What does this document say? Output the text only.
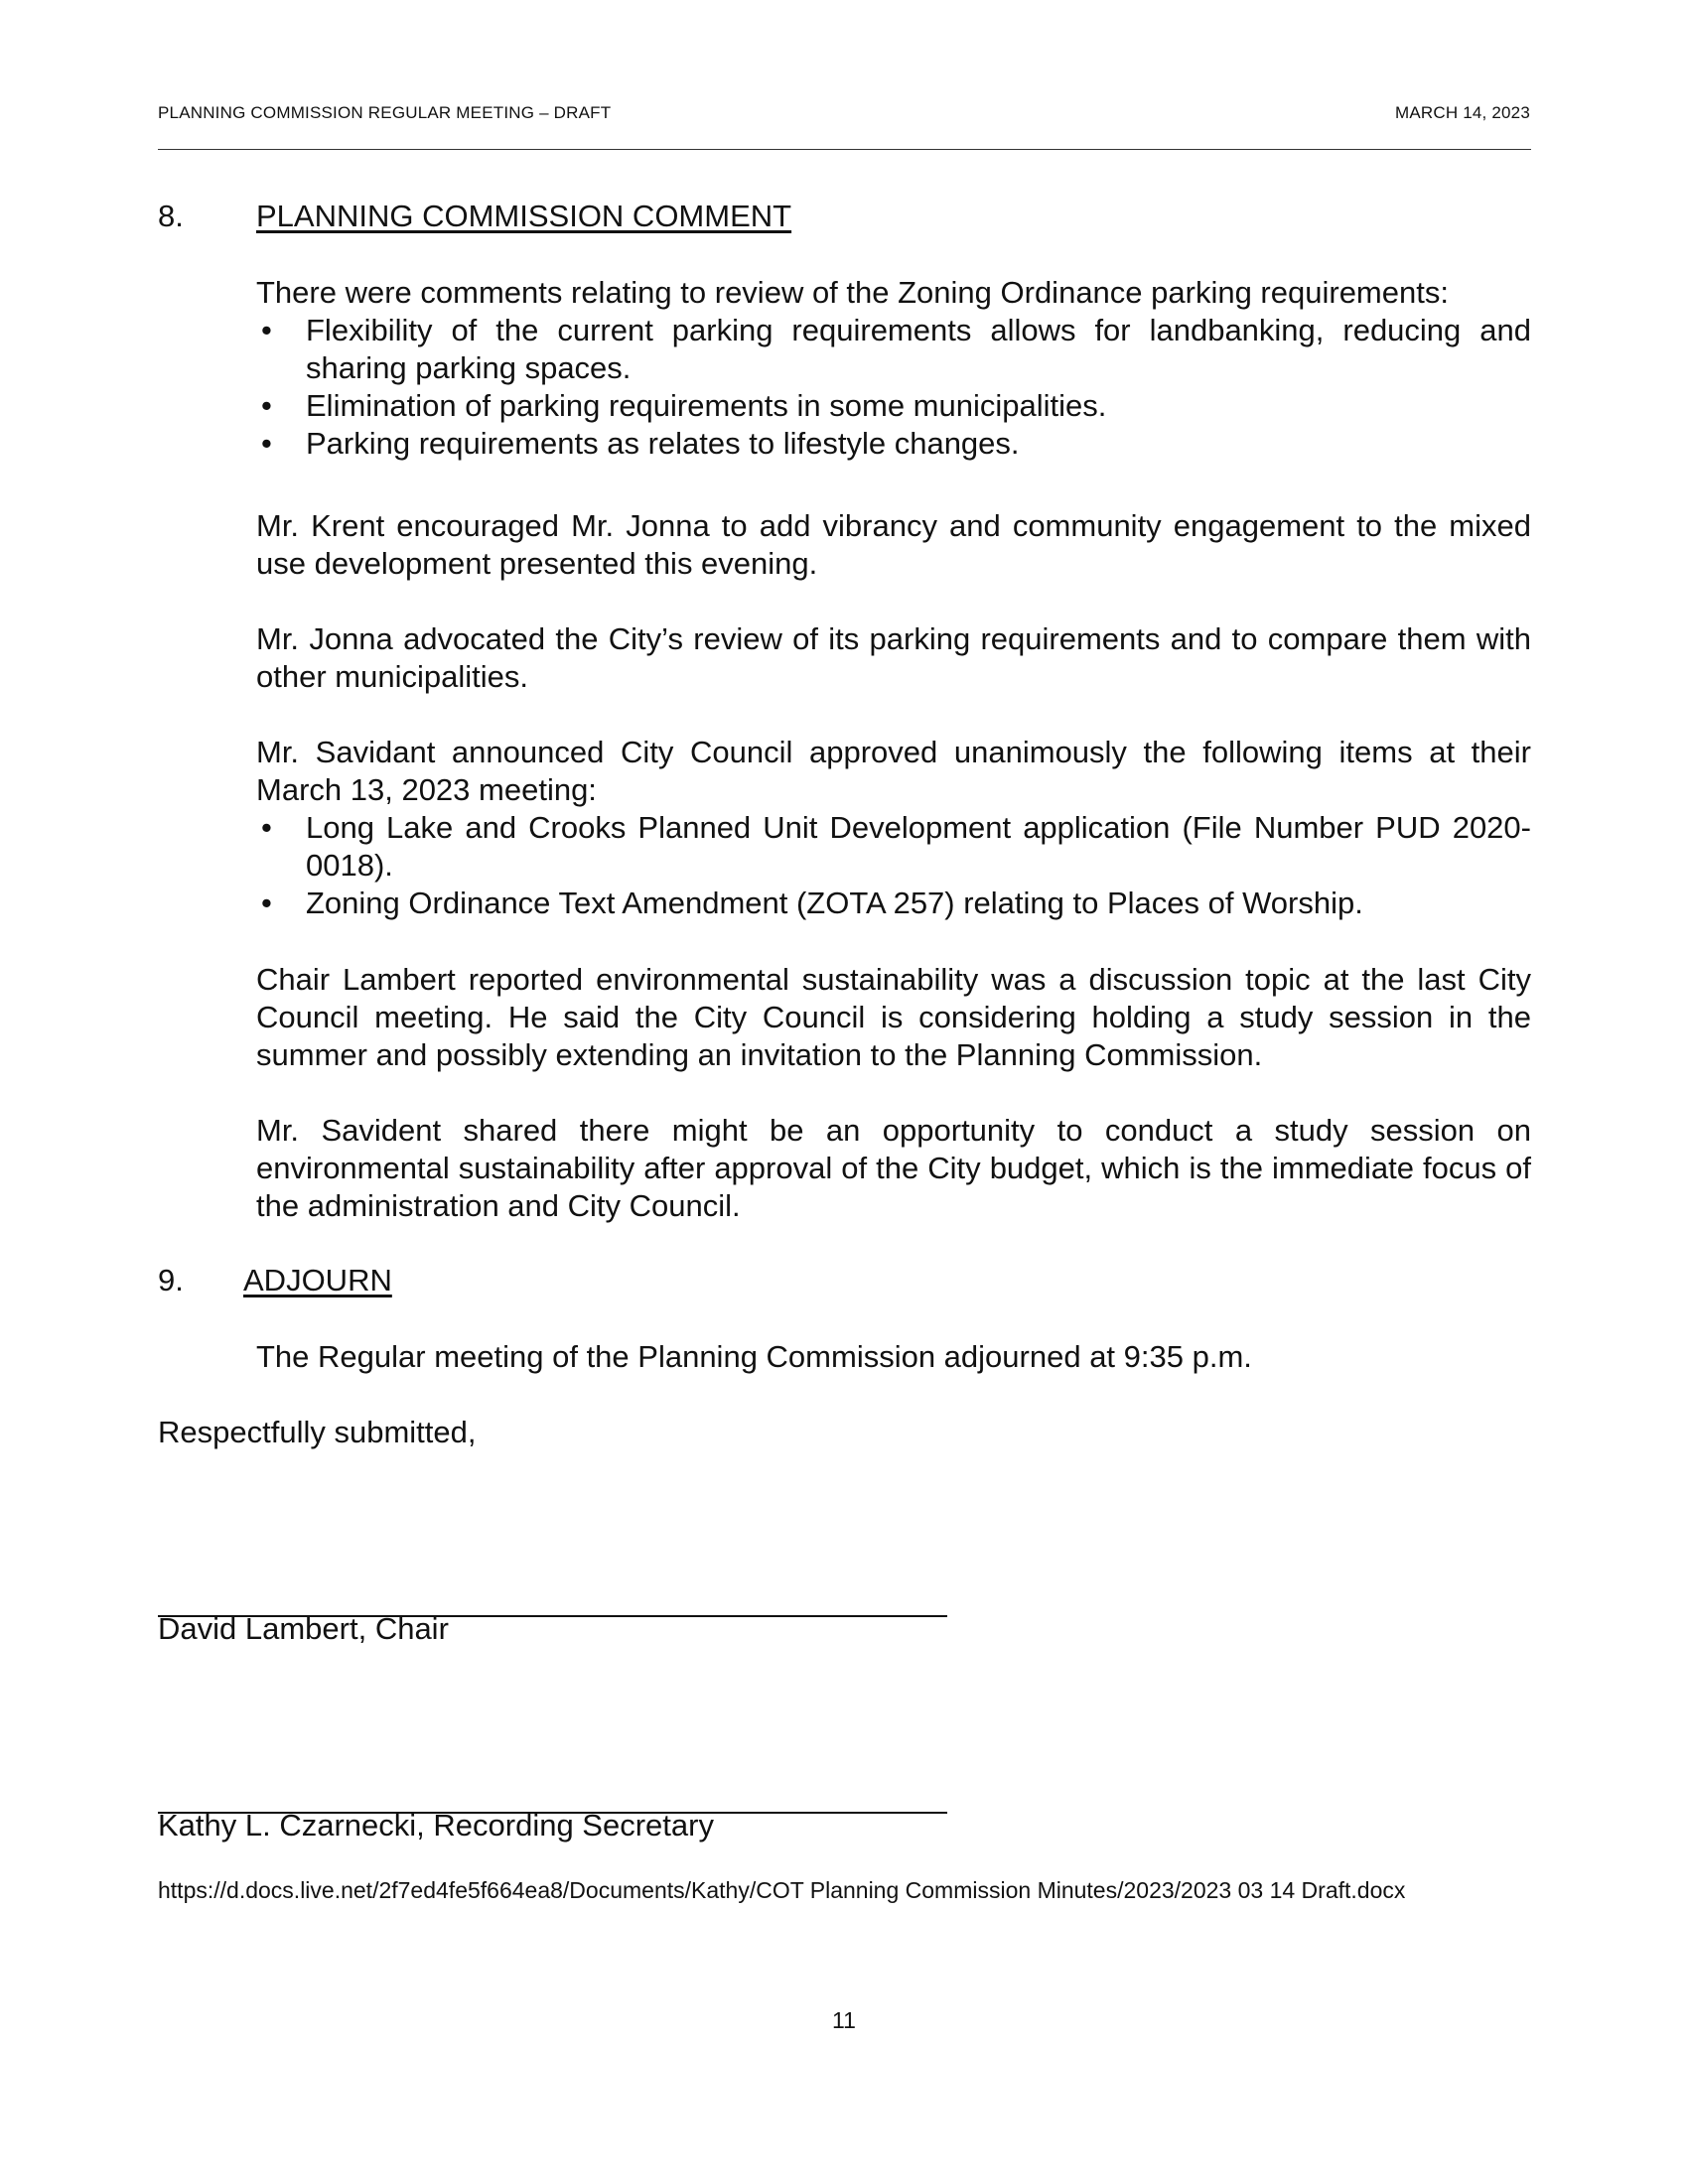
PLANNING COMMISSION REGULAR MEETING – DRAFT	MARCH 14, 2023
8. PLANNING COMMISSION COMMENT
There were comments relating to review of the Zoning Ordinance parking requirements:
• Flexibility of the current parking requirements allows for landbanking, reducing and sharing parking spaces.
• Elimination of parking requirements in some municipalities.
• Parking requirements as relates to lifestyle changes.
Mr. Krent encouraged Mr. Jonna to add vibrancy and community engagement to the mixed use development presented this evening.
Mr. Jonna advocated the City’s review of its parking requirements and to compare them with other municipalities.
Mr. Savidant announced City Council approved unanimously the following items at their March 13, 2023 meeting:
• Long Lake and Crooks Planned Unit Development application (File Number PUD 2020-0018).
• Zoning Ordinance Text Amendment (ZOTA 257) relating to Places of Worship.
Chair Lambert reported environmental sustainability was a discussion topic at the last City Council meeting. He said the City Council is considering holding a study session in the summer and possibly extending an invitation to the Planning Commission.
Mr. Savident shared there might be an opportunity to conduct a study session on environmental sustainability after approval of the City budget, which is the immediate focus of the administration and City Council.
9. ADJOURN
The Regular meeting of the Planning Commission adjourned at 9:35 p.m.
Respectfully submitted,
David Lambert, Chair
Kathy L. Czarnecki, Recording Secretary
https://d.docs.live.net/2f7ed4fe5f664ea8/Documents/Kathy/COT Planning Commission Minutes/2023/2023 03 14 Draft.docx
11
